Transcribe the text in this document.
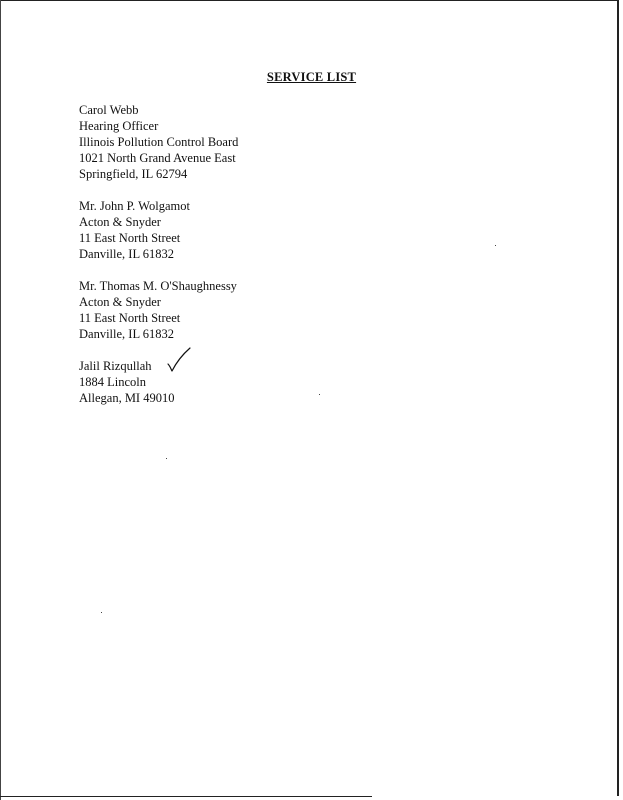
SERVICE LIST
Carol Webb
Hearing Officer
Illinois Pollution Control Board
1021 North Grand Avenue East
Springfield, IL 62794
Mr. John P. Wolgamot
Acton & Snyder
11 East North Street
Danville, IL 61832
Mr. Thomas M. O'Shaughnessy
Acton & Snyder
11 East North Street
Danville, IL 61832
Jalil Rizqullah
1884 Lincoln
Allegan, MI 49010
